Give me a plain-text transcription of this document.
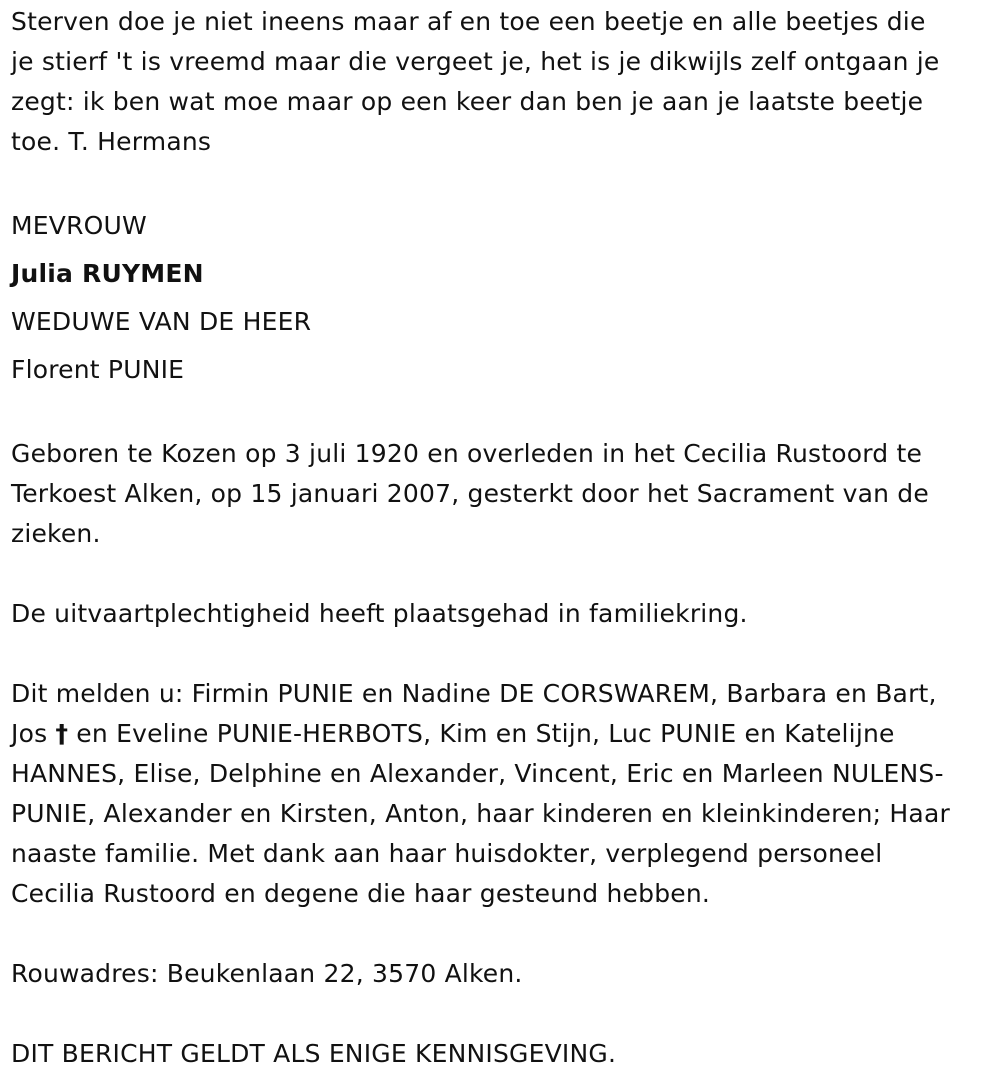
Sterven doe je niet ineens maar af en toe een beetje en alle beetjes die
je stierf 't is vreemd maar die vergeet je, het is je dikwijls zelf ontgaan je
zegt: ik ben wat moe maar op een keer dan ben je aan je laatste beetje
toe. T. Hermans
MEVROUW
Julia RUYMEN
WEDUWE VAN DE HEER
Florent PUNIE
Geboren te Kozen op 3 juli 1920 en overleden in het Cecilia Rustoord te
Terkoest Alken, op 15 januari 2007, gesterkt door het Sacrament van de
zieken.
De uitvaartplechtigheid heeft plaatsgehad in familiekring.
Dit melden u: Firmin PUNIE en Nadine DE CORSWAREM, Barbara en Bart,
Jos † en Eveline PUNIE-HERBOTS, Kim en Stijn, Luc PUNIE en Katelijne
HANNES, Elise, Delphine en Alexander, Vincent, Eric en Marleen NULENS-
PUNIE, Alexander en Kirsten, Anton, haar kinderen en kleinkinderen; Haar
naaste familie. Met dank aan haar huisdokter, verplegend personeel
Cecilia Rustoord en degene die haar gesteund hebben.
Rouwadres: Beukenlaan 22, 3570 Alken.
DIT BERICHT GELDT ALS ENIGE KENNISGEVING.
